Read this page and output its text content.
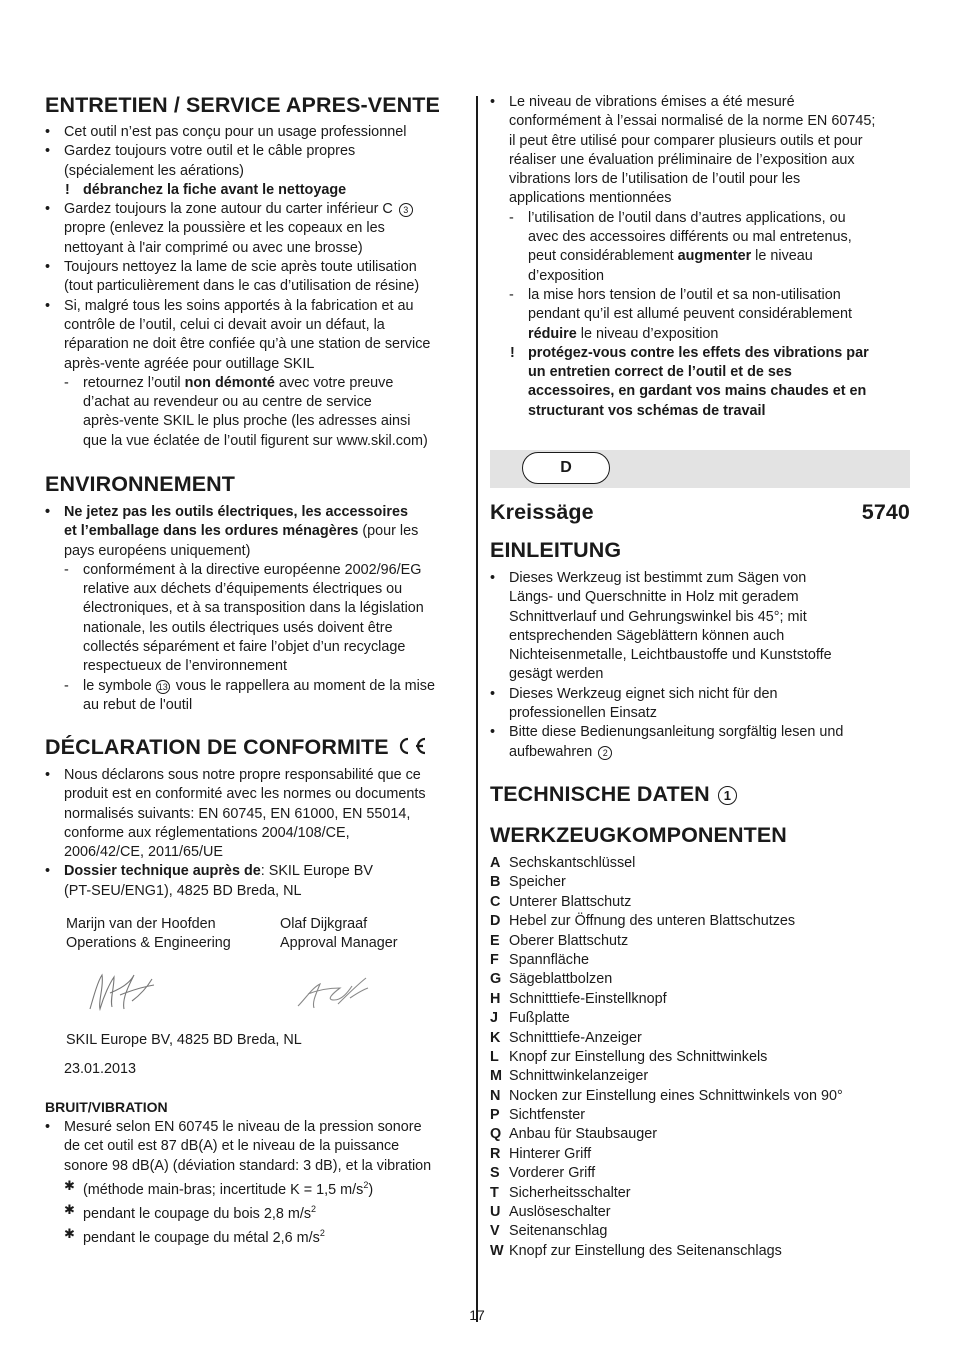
ENTRETIEN / SERVICE APRES-VENTE
• Cet outil n’est pas conçu pour un usage professionnel
• Gardez toujours votre outil et le câble propres
(spécialement les aérations)
! débranchez la fiche avant le nettoyage
• Gardez toujours la zone autour du carter inférieur C 3
propre (enlevez la poussière et les copeaux en les
nettoyant à l'air comprimé ou avec une brosse)
• Toujours nettoyez la lame de scie après toute utilisation
(tout particulièrement dans le cas d’utilisation de résine)
• Si, malgré tous les soins apportés à la fabrication et au
contrôle de l’outil, celui ci devait avoir un défaut, la
réparation ne doit être confiée qu’à une station de service
après-vente agréée pour outillage SKIL
- retournez l’outil non démonté avec votre preuve
d’achat au revendeur ou au centre de service
après-vente SKIL le plus proche (les adresses ainsi
que la vue éclatée de l’outil figurent sur www.skil.com)
ENVIRONNEMENT
• Ne jetez pas les outils électriques, les accessoires
et l’emballage dans les ordures ménagères (pour les
pays européens uniquement)
- conformément à la directive européenne 2002/96/EG
relative aux déchets d’équipements électriques ou
électroniques, et à sa transposition dans la législation
nationale, les outils électriques usés doivent être
collectés séparément et faire l’objet d’un recyclage
respectueux de l’environnement
- le symbole 13 vous le rappellera au moment de la mise
au rebut de l'outil
DÉCLARATION DE CONFORMITE
• Nous déclarons sous notre propre responsabilité que ce
produit est en conformité avec les normes ou documents
normalisés suivants: EN 60745, EN 61000, EN 55014,
conforme aux réglementations 2004/108/CE,
2006/42/CE, 2011/65/UE
• Dossier technique auprès de: SKIL Europe BV
(PT-SEU/ENG1), 4825 BD Breda, NL
Marijn van der Hoofden
Operations & Engineering
Olaf Dijkgraaf
Approval Manager
SKIL Europe BV, 4825 BD Breda, NL
23.01.2013
BRUIT/VIBRATION
• Mesuré selon EN 60745 le niveau de la pression sonore
de cet outil est 87 dB(A) et le niveau de la puissance
sonore 98 dB(A) (déviation standard: 3 dB), et la vibration
✱ (méthode main-bras; incertitude K = 1,5 $m/s^2$)
✱ pendant le coupage du bois 2,8 $m/s^2$
✱ pendant le coupage du métal 2,6 $m/s^2$
• Le niveau de vibrations émises a été mesuré
conformément à l’essai normalisé de la norme EN 60745;
il peut être utilisé pour comparer plusieurs outils et pour
réaliser une évaluation préliminaire de l’exposition aux
vibrations lors de l’utilisation de l’outil pour les
applications mentionnées
- l’utilisation de l’outil dans d’autres applications, ou
avec des accessoires différents ou mal entretenus,
peut considérablement augmenter le niveau
d’exposition
- la mise hors tension de l’outil et sa non-utilisation
pendant qu’il est allumé peuvent considérablement
réduire le niveau d’exposition
! protégez-vous contre les effets des vibrations par
un entretien correct de l’outil et de ses
accessoires, en gardant vos mains chaudes et en
structurant vos schémas de travail
D
Kreissäge	5740
EINLEITUNG
• Dieses Werkzeug ist bestimmt zum Sägen von
Längs- und Querschnitte in Holz mit geradem
Schnittverlauf und Gehrungswinkel bis 45°; mit
entsprechenden Sägeblättern können auch
Nichteisenmetalle, Leichtbaustoffe und Kunststoffe
gesägt werden
• Dieses Werkzeug eignet sich nicht für den
professionellen Einsatz
• Bitte diese Bedienungsanleitung sorgfältig lesen und
aufbewahren 2
TECHNISCHE DATEN 1
WERKZEUGKOMPONENTEN
A Sechskantschlüssel
B Speicher
C Unterer Blattschutz
D Hebel zur Öffnung des unteren Blattschutzes
E Oberer Blattschutz
F Spannfläche
G Sägeblattbolzen
H Schnitttiefe-Einstellknopf
J Fußplatte
K Schnitttiefe-Anzeiger
L Knopf zur Einstellung des Schnittwinkels
M Schnittwinkelanzeiger
N Nocken zur Einstellung eines Schnittwinkels von 90°
P Sichtfenster
Q Anbau für Staubsauger
R Hinterer Griff
S Vorderer Griff
T Sicherheitsschalter
U Auslöseschalter
V Seitenanschlag
W Knopf zur Einstellung des Seitenanschlags
17
